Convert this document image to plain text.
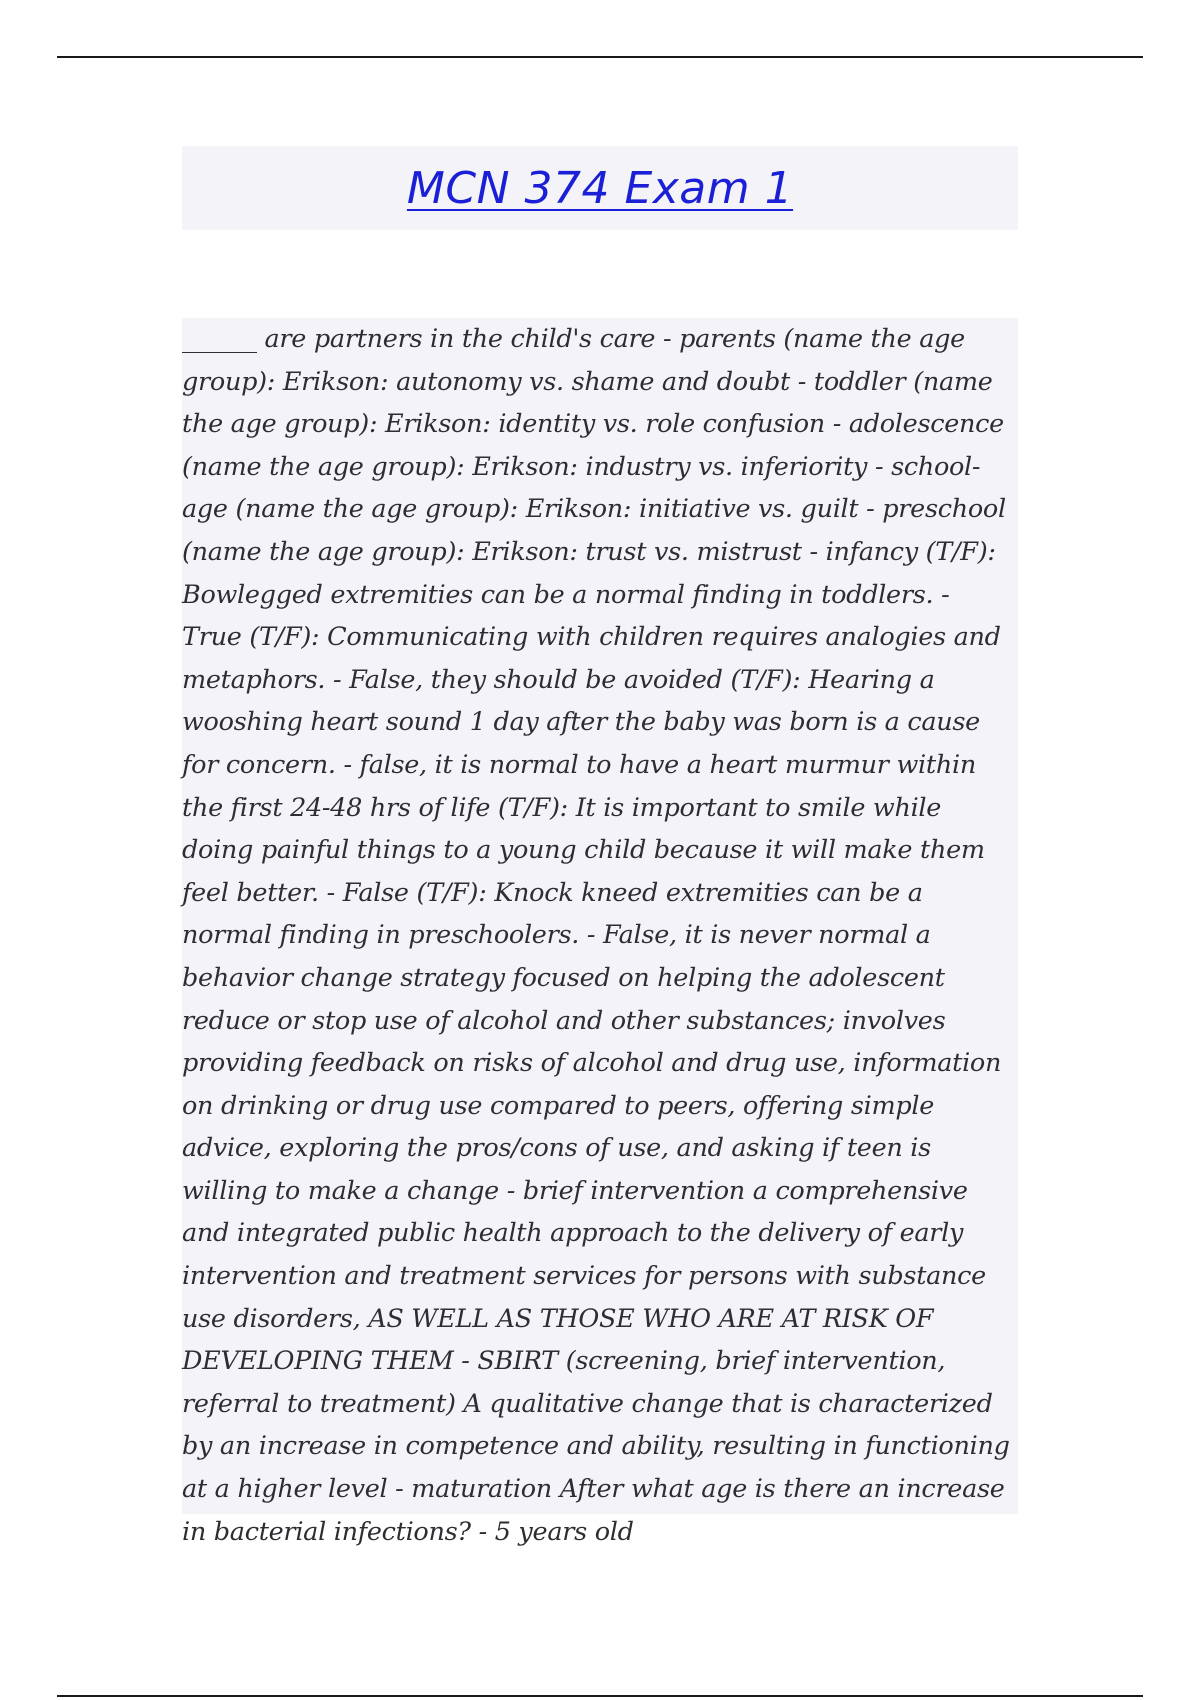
MCN 374 Exam 1

______ are partners in the child's care - parents (name the age group): Erikson: autonomy vs. shame and doubt - toddler (name the age group): Erikson: identity vs. role confusion - adolescence (name the age group): Erikson: industry vs. inferiority - school-age (name the age group): Erikson: initiative vs. guilt - preschool (name the age group): Erikson: trust vs. mistrust - infancy (T/F): Bowlegged extremities can be a normal finding in toddlers. - True (T/F): Communicating with children requires analogies and metaphors. - False, they should be avoided (T/F): Hearing a wooshing heart sound 1 day after the baby was born is a cause for concern. - false, it is normal to have a heart murmur within the first 24-48 hrs of life (T/F): It is important to smile while doing painful things to a young child because it will make them feel better. - False (T/F): Knock kneed extremities can be a normal finding in preschoolers. - False, it is never normal a behavior change strategy focused on helping the adolescent reduce or stop use of alcohol and other substances; involves providing feedback on risks of alcohol and drug use, information on drinking or drug use compared to peers, offering simple advice, exploring the pros/cons of use, and asking if teen is willing to make a change - brief intervention a comprehensive and integrated public health approach to the delivery of early intervention and treatment services for persons with substance use disorders, AS WELL AS THOSE WHO ARE AT RISK OF DEVELOPING THEM - SBIRT (screening, brief intervention, referral to treatment) A qualitative change that is characterized by an increase in competence and ability, resulting in functioning at a higher level - maturation After what age is there an increase in bacterial infections? - 5 years old
